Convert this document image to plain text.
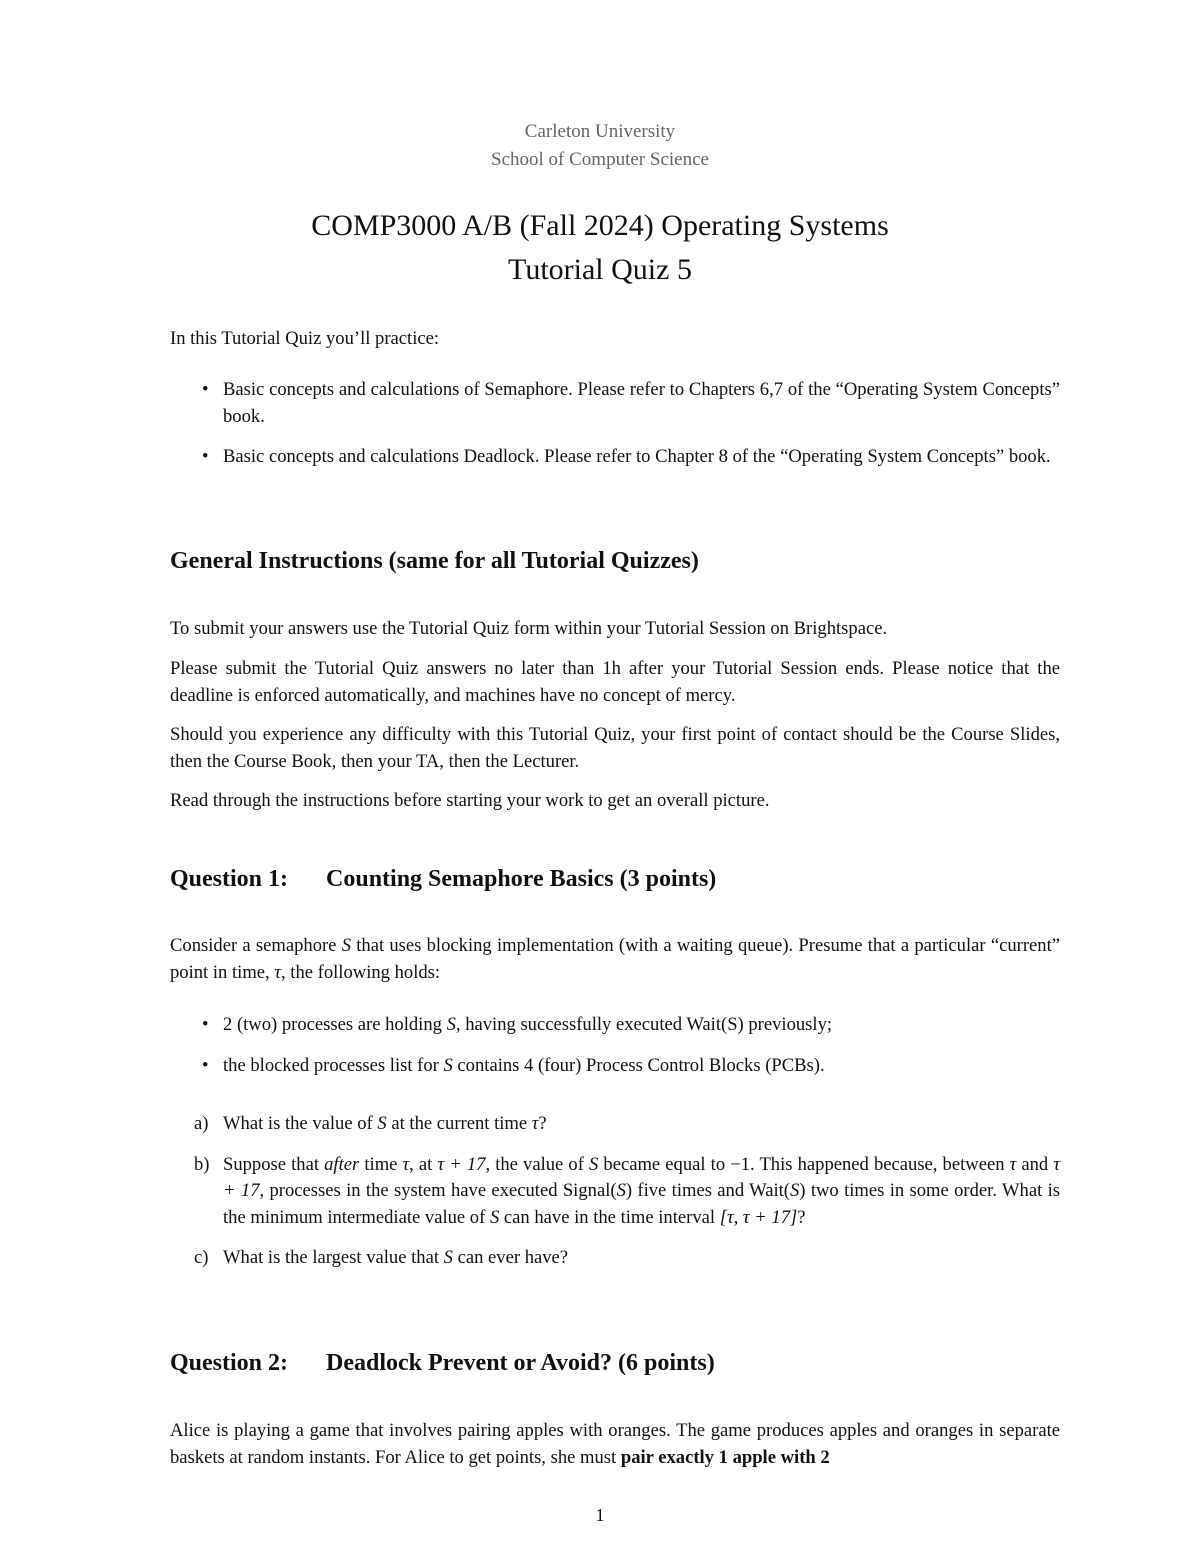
Carleton University
School of Computer Science
COMP3000 A/B (Fall 2024) Operating Systems
Tutorial Quiz 5
In this Tutorial Quiz you’ll practice:
• Basic concepts and calculations of Semaphore. Please refer to Chapters 6,7 of the “Operating System Concepts” book.
• Basic concepts and calculations Deadlock. Please refer to Chapter 8 of the “Operating System Concepts” book.
General Instructions (same for all Tutorial Quizzes)
To submit your answers use the Tutorial Quiz form within your Tutorial Session on Brightspace.
Please submit the Tutorial Quiz answers no later than 1h after your Tutorial Session ends. Please notice that the deadline is enforced automatically, and machines have no concept of mercy.
Should you experience any difficulty with this Tutorial Quiz, your first point of contact should be the Course Slides, then the Course Book, then your TA, then the Lecturer.
Read through the instructions before starting your work to get an overall picture.
Question 1: Counting Semaphore Basics (3 points)
Consider a semaphore S that uses blocking implementation (with a waiting queue). Presume that a particular “current” point in time, τ, the following holds:
• 2 (two) processes are holding S, having successfully executed Wait(S) previously;
• the blocked processes list for S contains 4 (four) Process Control Blocks (PCBs).
a) What is the value of S at the current time τ?
b) Suppose that after time τ, at τ + 17, the value of S became equal to −1. This happened because, between τ and τ + 17, processes in the system have executed Signal(S) five times and Wait(S) two times in some order. What is the minimum intermediate value of S can have in the time interval [τ, τ + 17]?
c) What is the largest value that S can ever have?
Question 2: Deadlock Prevent or Avoid? (6 points)
Alice is playing a game that involves pairing apples with oranges. The game produces apples and oranges in separate baskets at random instants. For Alice to get points, she must pair exactly 1 apple with 2
1
